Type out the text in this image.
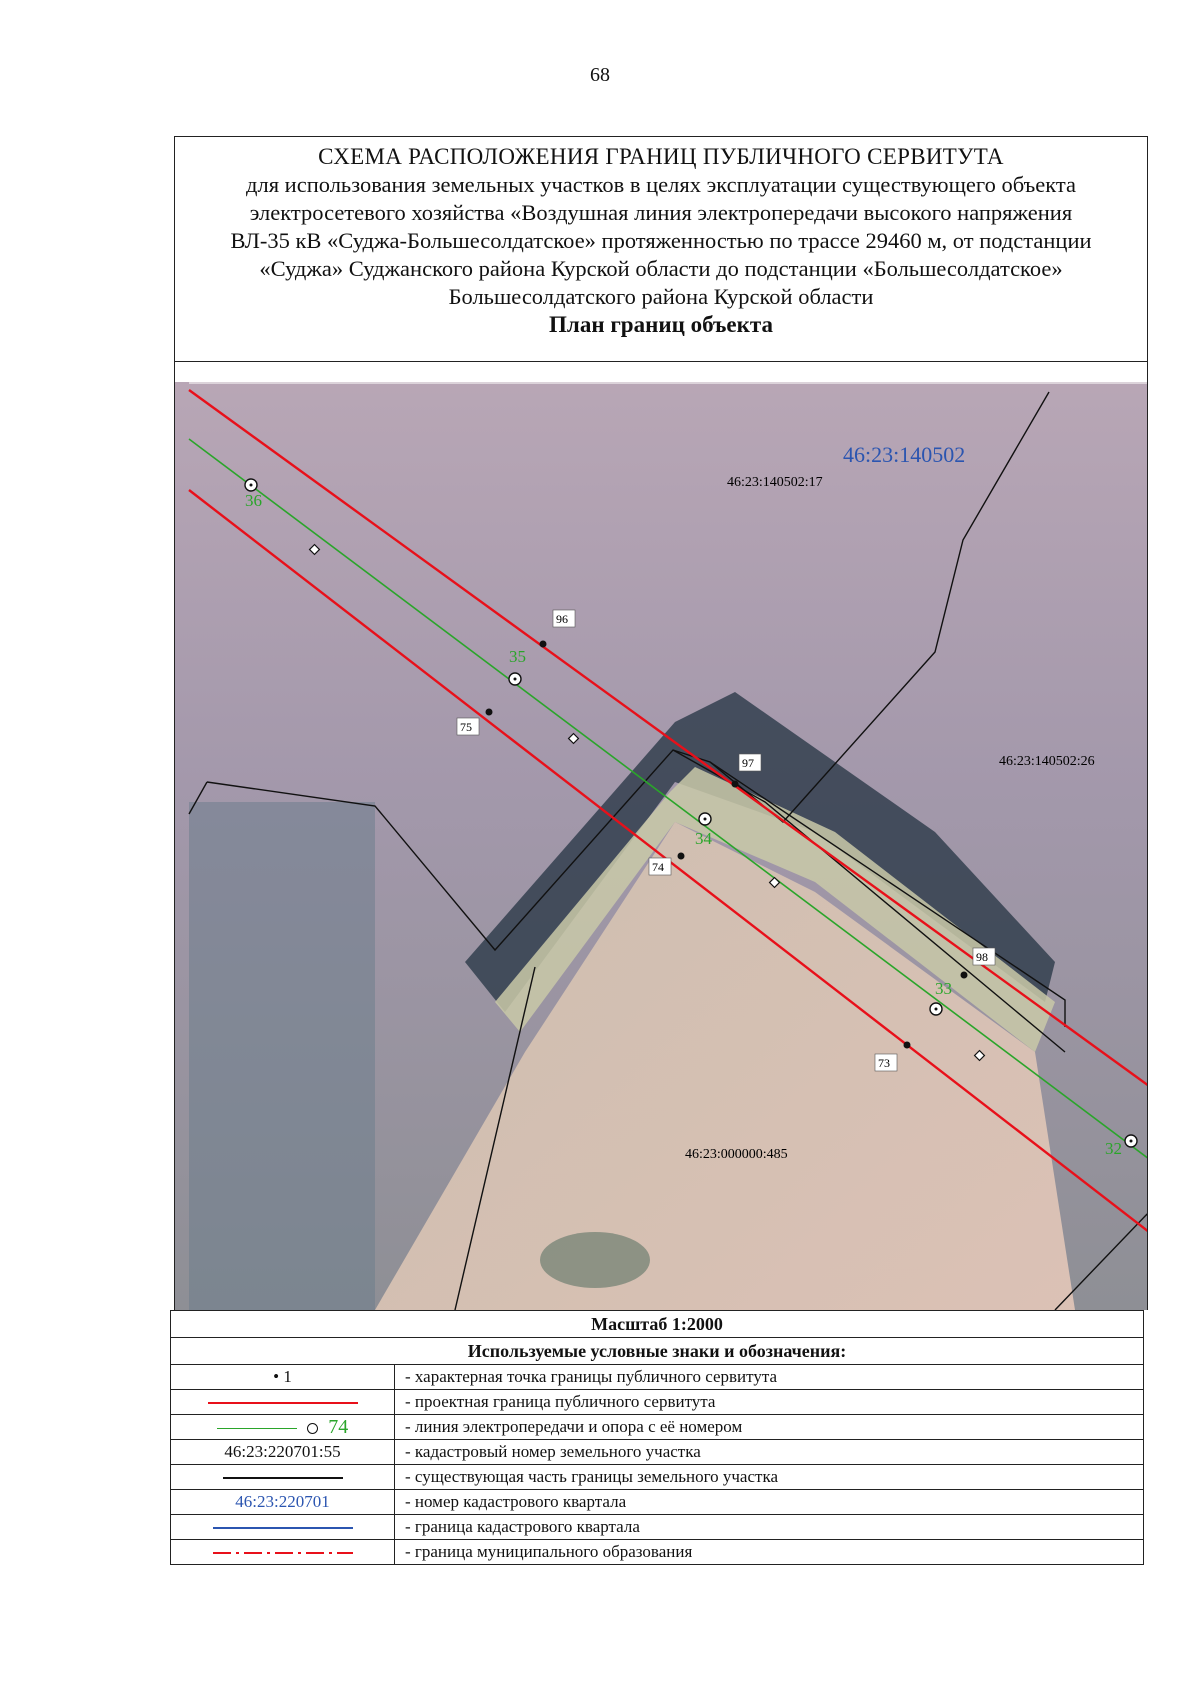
68
СХЕМА РАСПОЛОЖЕНИЯ ГРАНИЦ ПУБЛИЧНОГО СЕРВИТУТА
для использования земельных участков в целях эксплуатации существующего объекта
электросетевого хозяйства «Воздушная линия электропередачи высокого напряжения
ВЛ-35 кВ «Суджа-Большесолдатское» протяженностью по трассе 29460 м, от подстанции
«Суджа» Суджанского района Курской области до подстанции «Большесолдатское»
Большесолдатского района Курской области
План границ объекта
36
35
34
33
32
96
75
97
74
98
73
46:23:140502
46:23:140502:17
46:23:140502:26
46:23:000000:485
Масштаб 1:2000	
Используемые условные знаки и обозначения:	
• 1	- характерная точка границы публичного сервитута
	- проектная граница публичного сервитута
74	- линия электропередачи и опора с её номером
46:23:220701:55	- кадастровый номер земельного участка
	- существующая часть границы земельного участка
46:23:220701	- номер кадастрового квартала
	- граница кадастрового квартала
	- граница муниципального образования
